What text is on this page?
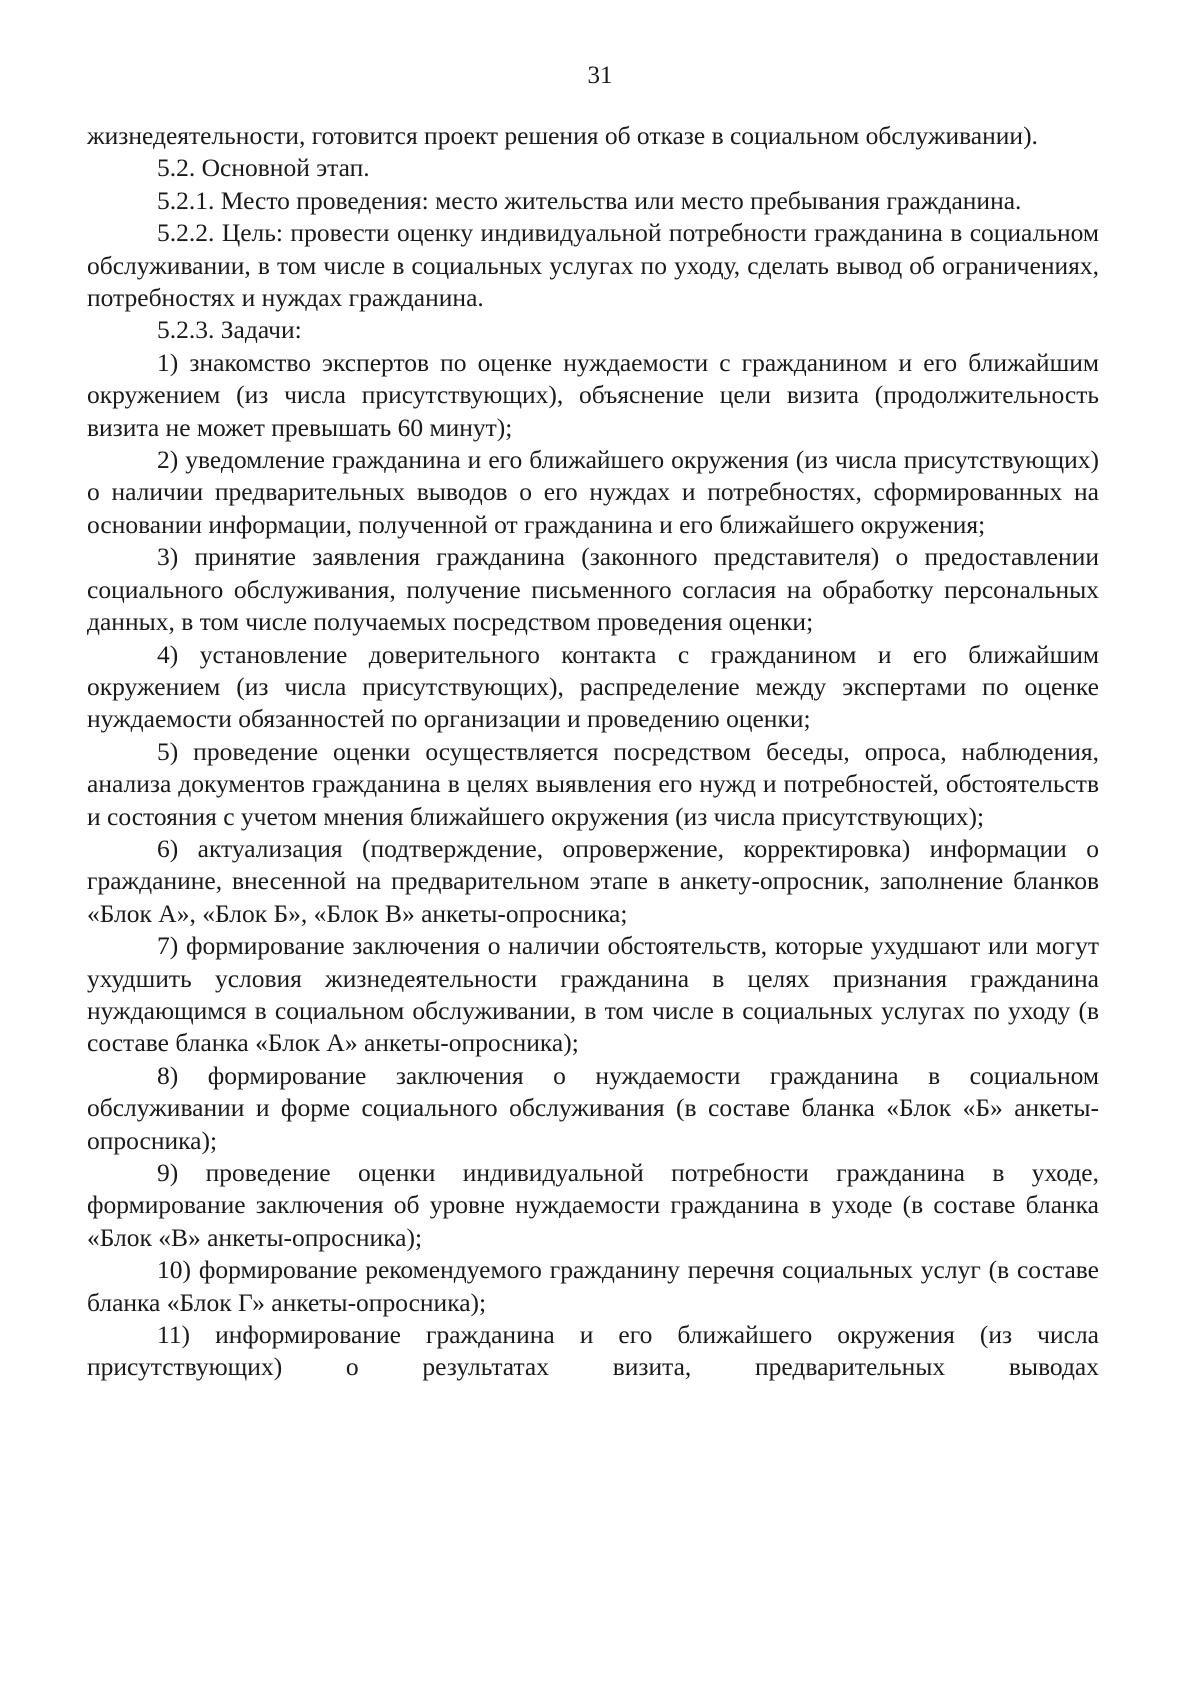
31

жизнедеятельности, готовится проект решения об отказе в социальном обслуживании).

5.2. Основной этап.

5.2.1. Место проведения: место жительства или место пребывания гражданина.

5.2.2. Цель: провести оценку индивидуальной потребности гражданина в социальном обслуживании, в том числе в социальных услугах по уходу, сделать вывод об ограничениях, потребностях и нуждах гражданина.

5.2.3. Задачи:

1) знакомство экспертов по оценке нуждаемости с гражданином и его ближайшим окружением (из числа присутствующих), объяснение цели визита (продолжительность визита не может превышать 60 минут);

2) уведомление гражданина и его ближайшего окружения (из числа присутствующих) о наличии предварительных выводов о его нуждах и потребностях, сформированных на основании информации, полученной от гражданина и его ближайшего окружения;

3) принятие заявления гражданина (законного представителя) о предоставлении социального обслуживания, получение письменного согласия на обработку персональных данных, в том числе получаемых посредством проведения оценки;

4) установление доверительного контакта с гражданином и его ближайшим окружением (из числа присутствующих), распределение между экспертами по оценке нуждаемости обязанностей по организации и проведению оценки;

5) проведение оценки осуществляется посредством беседы, опроса, наблюдения, анализа документов гражданина в целях выявления его нужд и потребностей, обстоятельств и состояния с учетом мнения ближайшего окружения (из числа присутствующих);

6) актуализация (подтверждение, опровержение, корректировка) информации о гражданине, внесенной на предварительном этапе в анкету-опросник, заполнение бланков «Блок А», «Блок Б», «Блок В» анкеты-опросника;

7) формирование заключения о наличии обстоятельств, которые ухудшают или могут ухудшить условия жизнедеятельности гражданина в целях признания гражданина нуждающимся в социальном обслуживании, в том числе в социальных услугах по уходу (в составе бланка «Блок А» анкеты-опросника);

8) формирование заключения о нуждаемости гражданина в социальном обслуживании и форме социального обслуживания (в составе бланка «Блок «Б» анкеты-опросника);

9) проведение оценки индивидуальной потребности гражданина в уходе, формирование заключения об уровне нуждаемости гражданина в уходе (в составе бланка «Блок «В» анкеты-опросника);

10) формирование рекомендуемого гражданину перечня социальных услуг (в составе бланка «Блок Г» анкеты-опросника);

11) информирование гражданина и его ближайшего окружения (из числа присутствующих) о результатах визита, предварительных выводах
